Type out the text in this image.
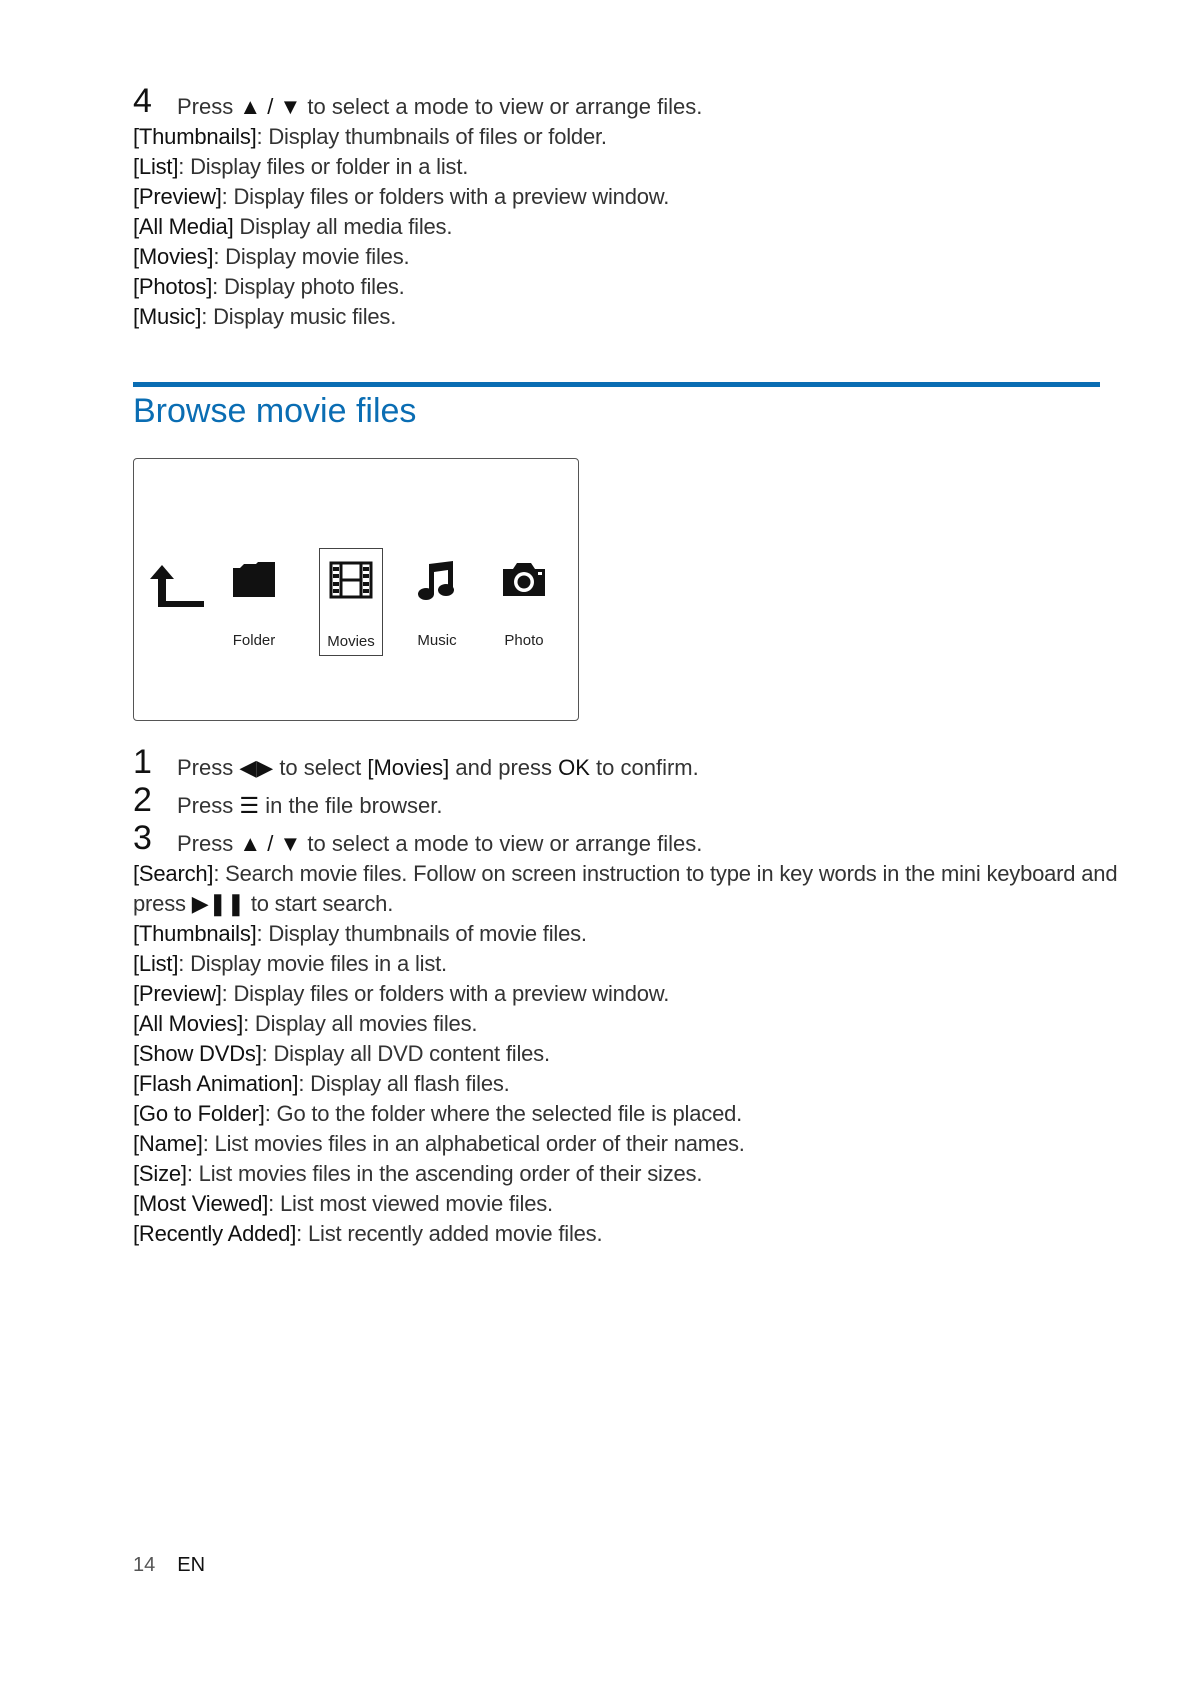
4 Press ▲ / ▼ to select a mode to view or arrange files.
[Thumbnails]: Display thumbnails of files or folder.
[List]: Display files or folder in a list.
[Preview]: Display files or folders with a preview window.
[All Media] Display all media files.
[Movies]: Display movie files.
[Photos]: Display photo files.
[Music]: Display music files.
Browse movie files
Folder	Movies	Music	Photo
1 Press ◀▶ to select [Movies] and press OK to confirm.
2 Press ☰ in the file browser.
3 Press ▲ / ▼ to select a mode to view or arrange files.
[Search]: Search movie files. Follow on screen instruction to type in key words in the mini keyboard and
press ▶❚❚ to start search.
[Thumbnails]: Display thumbnails of movie files.
[List]: Display movie files in a list.
[Preview]: Display files or folders with a preview window.
[All Movies]: Display all movies files.
[Show DVDs]: Display all DVD content files.
[Flash Animation]: Display all flash files.
[Go to Folder]: Go to the folder where the selected file is placed.
[Name]: List movies files in an alphabetical order of their names.
[Size]: List movies files in the ascending order of their sizes.
[Most Viewed]: List most viewed movie files.
[Recently Added]: List recently added movie files.
14 EN
